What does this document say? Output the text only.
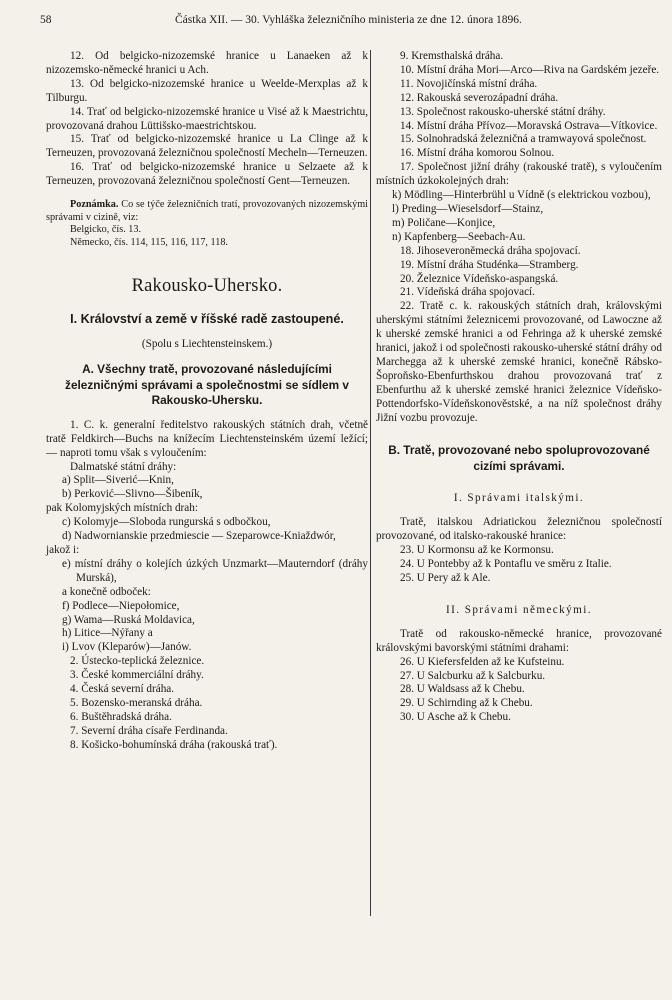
58	Částka XII. — 30. Vyhláška železničního ministeria ze dne 12. února 1896.

12. Od belgicko-nizozemské hranice u Lanaeken až k nizozemsko-německé hranici u Ach.

13. Od belgicko-nizozemské hranice u Weelde-Merxplas až k Tilburgu.

14. Trať od belgicko-nizozemské hranice u Visé až k Maestrichtu, provozovaná drahou Lüttišsko-maestrichtskou.

15. Trať od belgicko-nizozemské hranice u La Clinge až k Terneuzen, provozovaná železničnou společností Mecheln—Terneuzen.

16. Trať od belgicko-nizozemské hranice u Selzaete až k Terneuzen, provozovaná železničnou společností Gent—Terneuzen.

Poznámka. Co se týče železničních tratí, provozovaných nizozemskými správami v cizině, viz:

Belgicko, čís. 13.

Německo, čís. 114, 115, 116, 117, 118.

Rakousko-Uhersko.

I. Království a země v říšské radě zastoupené.

(Spolu s Liechtensteinskem.)

A. Všechny tratě, provozované následujícími železničnými správami a společnostmi se sídlem v Rakousko-Uhersku.

1. C. k. generalní ředitelstvo rakouských státních drah, včetně tratě Feldkirch—Buchs na knížecím Liechtensteinském území ležící; — naproti tomu však s vyloučením:

Dalmatské státní dráhy:

a) Split—Siverić—Knin,

b) Perković—Slivno—Šibeník,

pak Kolomyjských místních drah:

c) Kolomyje—Sloboda rungurská s odbočkou,

d) Nadwornianskie przedmiescie — Szeparowce-Kniaždwór,

jakož i:

e) místní dráhy o kolejích úzkých Unzmarkt—Mauterndorf (dráhy Murská),

a konečně odboček:

f) Podlece—Niepołomice,

g) Wama—Ruská Moldavica,

h) Litice—Nýřany a

i) Lvov (Kleparów)—Janów.

2. Ústecko-teplická železnice.

3. České kommerciální dráhy.

4. Česká severní dráha.

5. Bozensko-meranská dráha.

6. Buštěhradská dráha.

7. Severní dráha císaře Ferdinanda.

8. Košicko-bohumínská dráha (rakouská trať).

9. Kremsthalská dráha.

10. Místní dráha Mori—Arco—Riva na Gardském jezeře.

11. Novojičínská místní dráha.

12. Rakouská severozápadní dráha.

13. Společnost rakousko-uherské státní dráhy.

14. Místní dráha Přívoz—Moravská Ostrava—Vítkovice.

15. Solnohradská železničná a tramwayová společnost.

16. Místní dráha komorou Solnou.

17. Společnost jižní dráhy (rakouské tratě), s vyloučením místních úzkokolejných drah:

k) Mödling—Hinterbrühl u Vídně (s elektrickou vozbou),

l) Preding—Wieselsdorf—Stainz,

m) Poličane—Konjice,

n) Kapfenberg—Seebach-Au.

18. Jihoseveroněmecká dráha spojovací.

19. Místní dráha Studénka—Stramberg.

20. Železnice Vídeňsko-aspangská.

21. Vídeňská dráha spojovací.

22. Tratě c. k. rakouských státních drah, královskými uherskými státními železnicemi provozované, od Lawoczne až k uherské zemské hranici a od Fehringa až k uherské zemské hranici, jakož i od společnosti rakousko-uherské státní dráhy od Marchegga až k uherské zemské hranici, konečně Rábsko-Šoproňsko-Ebenfurthskou drahou provozovaná trať z Ebenfurthu až k uherské zemské hranici železnice Vídeňsko-Pottendorfsko-Vídeňskonověstské, a na níž společnost dráhy Jižní vozbu provozuje.

B. Tratě, provozované nebo spoluprovozované cizími správami.

I. Správami italskými.

Tratě, italskou Adriatickou železničnou společností provozované, od italsko-rakouské hranice:

23. U Kormonsu až ke Kormonsu.

24. U Pontebby až k Pontaflu ve směru z Italie.

25. U Pery až k Ale.

II. Správami německými.

Tratě od rakousko-německé hranice, provozované královskými bavorskými státními drahami:

26. U Kiefersfelden až ke Kufsteinu.

27. U Salcburku až k Salcburku.

28. U Waldsass až k Chebu.

29. U Schirnding až k Chebu.

30. U Asche až k Chebu.
